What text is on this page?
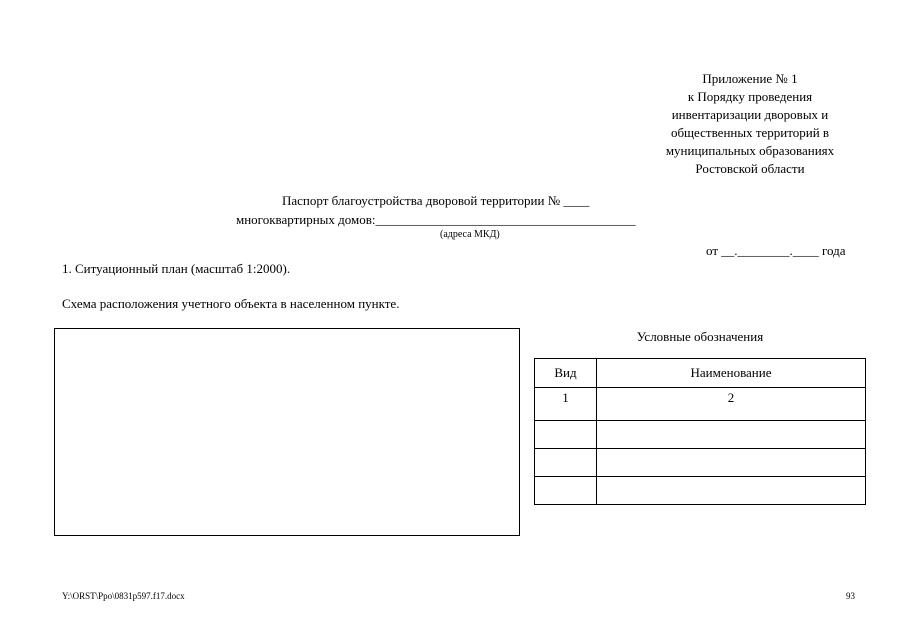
Приложение № 1
к Порядку проведения
инвентаризации дворовых и
общественных территорий в
муниципальных образованиях
Ростовской области
Паспорт благоустройства дворовой территории № ____
многоквартирных домов:________________________________________
(адреса МКД)
от __.________.____ года
1. Ситуационный план (масштаб 1:2000).
Схема расположения учетного объекта в населенном пункте.
Условные обозначения
Вид	Наименование
1	2

Y:\ORST\Ppo\0831p597.f17.docx	93
